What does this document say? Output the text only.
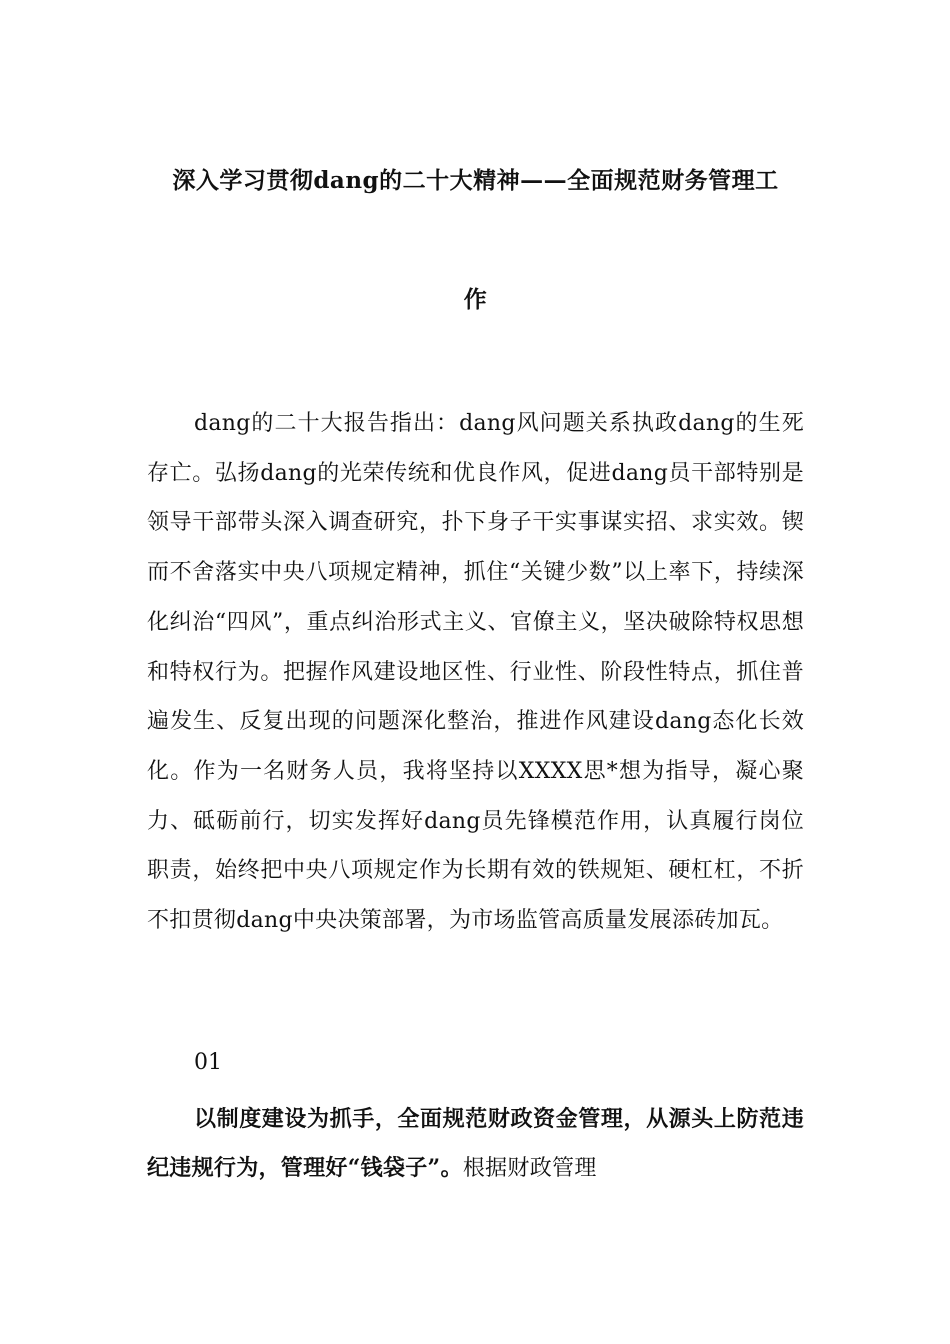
深入学习贯彻dang的二十大精神——全面规范财务管理工
作
dang的二十大报告指出：dang风问题关系执政dang的生死存亡。弘扬dang的光荣传统和优良作风，促进dang员干部特别是领导干部带头深入调查研究，扑下身子干实事谋实招、求实效。锲而不舍落实中央八项规定精神，抓住“关键少数”以上率下，持续深化纠治“四风”，重点纠治形式主义、官僚主义，坚决破除特权思想和特权行为。把握作风建设地区性、行业性、阶段性特点，抓住普遍发生、反复出现的问题深化整治，推进作风建设dang态化长效化。作为一名财务人员，我将坚持以XXXX思*想为指导，凝心聚力、砥砺前行，切实发挥好dang员先锋模范作用，认真履行岗位职责，始终把中央八项规定作为长期有效的铁规矩、硬杠杠，不折不扣贯彻dang中央决策部署，为市场监管高质量发展添砖加瓦。
01
以制度建设为抓手，全面规范财政资金管理，从源头上防范违纪违规行为，管理好“钱袋子”。根据财政管理
